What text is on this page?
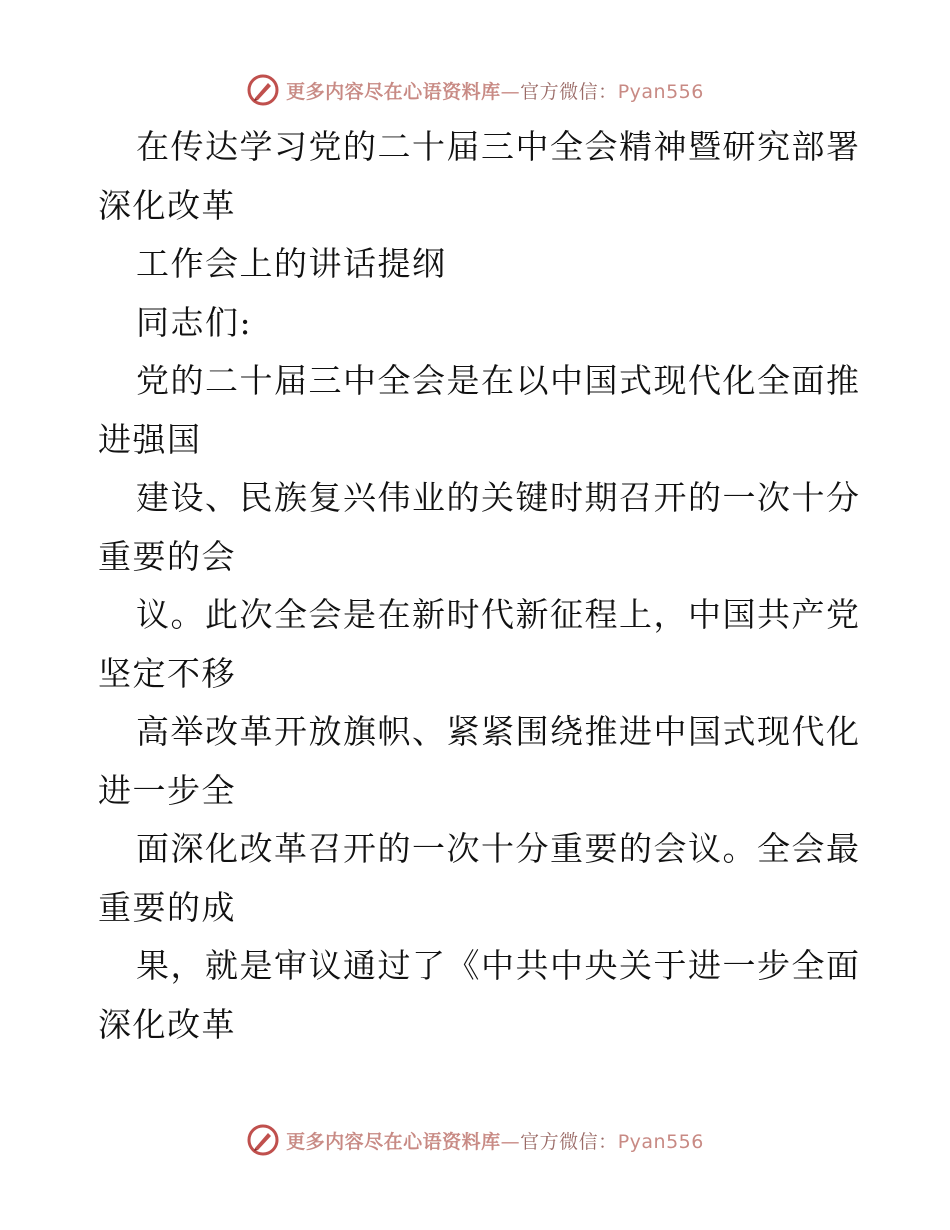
更多内容尽在心语资料库—官方微信：Pyan556
在传达学习党的二十届三中全会精神暨研究部署
深化改革
工作会上的讲话提纲
同志们:
党的二十届三中全会是在以中国式现代化全面推
进强国
建设、民族复兴伟业的关键时期召开的一次十分
重要的会
议。此次全会是在新时代新征程上，中国共产党
坚定不移
高举改革开放旗帜、紧紧围绕推进中国式现代化
进一步全
面深化改革召开的一次十分重要的会议。全会最
重要的成
果，就是审议通过了《中共中央关于进一步全面
深化改革
更多内容尽在心语资料库—官方微信：Pyan556
